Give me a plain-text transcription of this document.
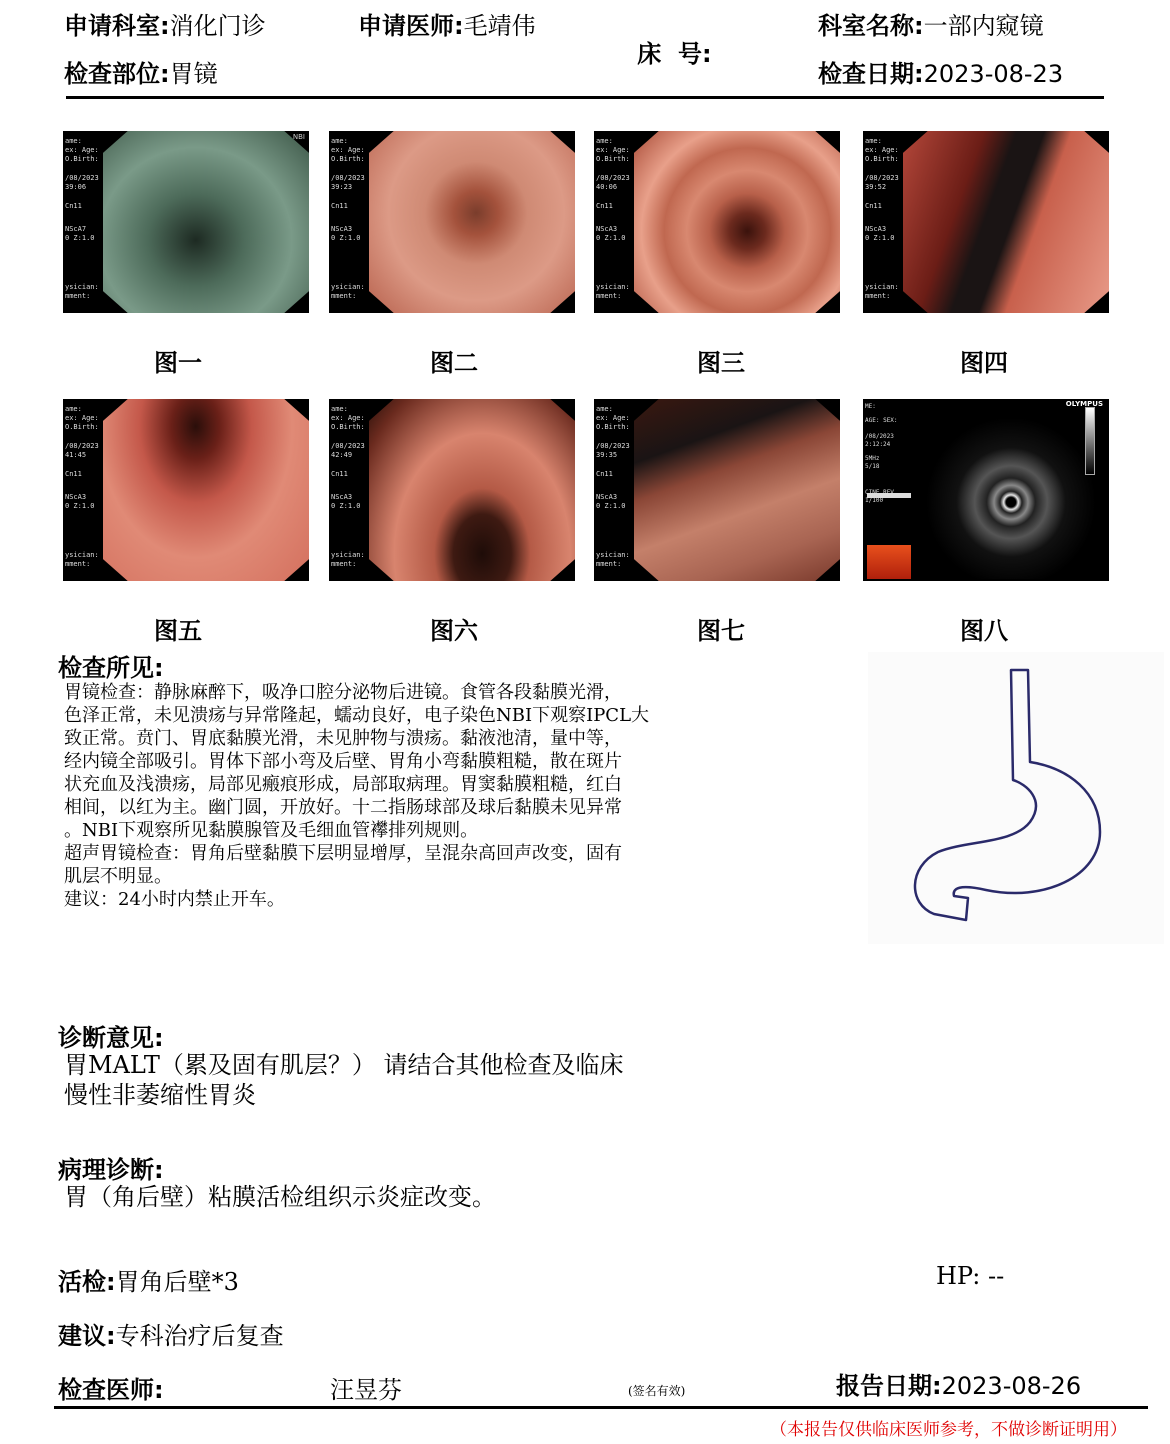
申请科室:消化门诊	申请医师:毛靖伟

床  号:

科室名称:一部内窥镜
检查部位:胃镜	检查日期:2023-08-23
ame:
ex: Age:
O.Birth:
/08/2023
39:06
Cn11
NScA7
0 Z:1.0
ysician:
mment:
NBI	ame:
ex: Age:
O.Birth:
/08/2023
39:23
Cn11
NScA3
0 Z:1.0
ysician:
mment:
ame:
ex: Age:
O.Birth:
/08/2023
40:06
Cn11
NScA3
0 Z:1.0
ysician:
mment:
ame:
ex: Age:
O.Birth:
/08/2023
39:52
Cn11
NScA3
0 Z:1.0
ysician:
mment:
图一	图二	图三	图四
ame:
ex: Age:
O.Birth:
/08/2023
41:45
Cn11
NScA3
0 Z:1.0
ysician:
mment:
ame:
ex: Age:
O.Birth:
/08/2023
42:49
Cn11
NScA3
0 Z:1.0
ysician:
mment:
ame:
ex: Age:
O.Birth:
/08/2023
39:35
Cn11
NScA3
0 Z:1.0
ysician:
mment:
ME:
AGE: SEX:
/08/2023
2:12:24
5MHz
5/18
CINE REV
1/100
OLYMPUS
图五	图六	图七	图八
检查所见:
胃镜检查：静脉麻醉下，吸净口腔分泌物后进镜。食管各段黏膜光滑，
色泽正常，未见溃疡与异常隆起，蠕动良好，电子染色NBI下观察IPCL大
致正常。贲门、胃底黏膜光滑，未见肿物与溃疡。黏液池清，量中等，
经内镜全部吸引。胃体下部小弯及后壁、胃角小弯黏膜粗糙，散在斑片
状充血及浅溃疡，局部见瘢痕形成，局部取病理。胃窦黏膜粗糙，红白
相间，以红为主。幽门圆，开放好。十二指肠球部及球后黏膜未见异常
。NBI下观察所见黏膜腺管及毛细血管襻排列规则。
超声胃镜检查：胃角后壁黏膜下层明显增厚，呈混杂高回声改变，固有
肌层不明显。
建议：24小时内禁止开车。
诊断意见:
胃MALT（累及固有肌层？） 请结合其他检查及临床
慢性非萎缩性胃炎
病理诊断:
胃（角后壁）粘膜活检组织示炎症改变。
活检:胃角后壁*3	HP: --
建议:专科治疗后复查
检查医师:	汪昱芬	(签名有效)	报告日期:2023-08-26
（本报告仅供临床医师参考，不做诊断证明用）
